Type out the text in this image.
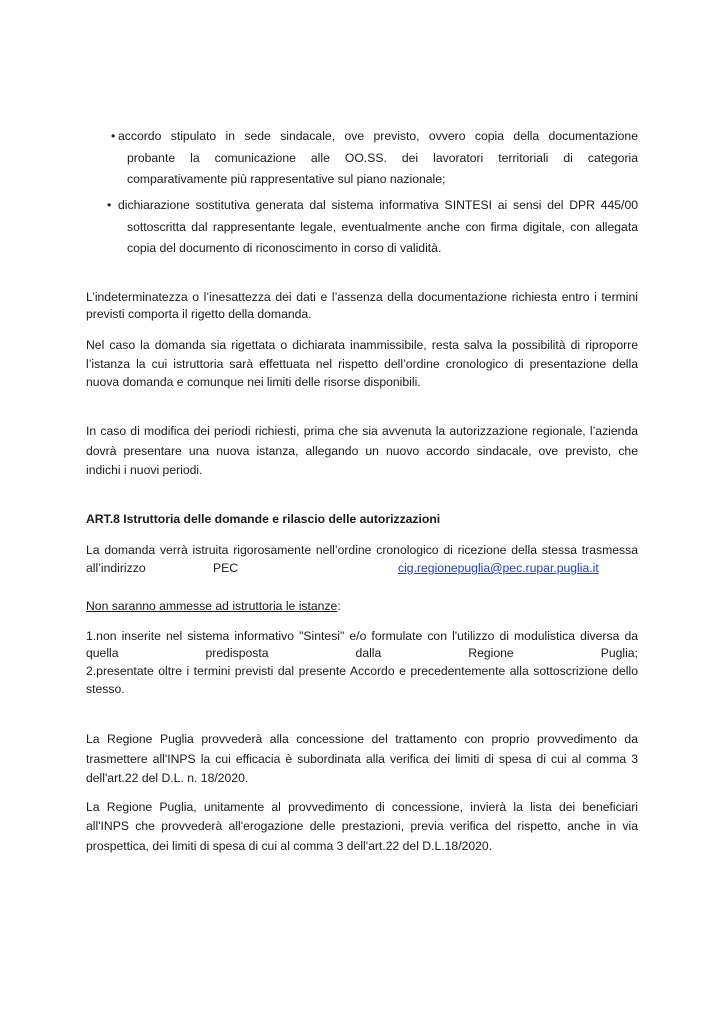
• accordo stipulato in sede sindacale, ove previsto, ovvero copia della documentazione
probante la comunicazione alle OO.SS. dei lavoratori territoriali di categoria
comparativamente più rappresentative sul piano nazionale;
• dichiarazione sostitutiva generata dal sistema informativa SINTESI ai sensi del DPR 445/00
sottoscritta dal rappresentante legale, eventualmente anche con firma digitale, con allegata
copia del documento di riconoscimento in corso di validità.
L’indeterminatezza o l’inesattezza dei dati e l’assenza della documentazione richiesta entro i termini
previsti comporta il rigetto della domanda.
Nel caso la domanda sia rigettata o dichiarata inammissibile, resta salva la possibilità di riproporre
l’istanza la cui istruttoria sarà effettuata nel rispetto dell’ordine cronologico di presentazione della
nuova domanda e comunque nei limiti delle risorse disponibili.
In caso di modifica dei periodi richiesti, prima che sia avvenuta la autorizzazione regionale, l’azienda
dovrà presentare una nuova istanza, allegando un nuovo accordo sindacale, ove previsto, che
indichi i nuovi periodi.
ART.8 Istruttoria delle domande e rilascio delle autorizzazioni
La domanda verrà istruita rigorosamente nell’ordine cronologico di ricezione della stessa trasmessa
all’indirizzo	PEC	cig.regionepuglia@pec.rupar.puglia.it
Non saranno ammesse ad istruttoria le istanze:
1.non inserite nel sistema informativo "Sintesi" e/o formulate con l'utilizzo di modulistica diversa da
quella	predisposta	dalla	Regione	Puglia;
2.presentate oltre i termini previsti dal presente Accordo e precedentemente alla sottoscrizione dello
stesso.
La Regione Puglia provvederà alla concessione del trattamento con proprio provvedimento da
trasmettere all'INPS la cui efficacia è subordinata alla verifica dei limiti di spesa di cui al comma 3
dell'art.22 del D.L. n. 18/2020.
La Regione Puglia, unitamente al provvedimento di concessione, invierà la lista dei beneficiari
all'INPS che provvederà all'erogazione delle prestazioni, previa verifica del rispetto, anche in via
prospettica, dei limiti di spesa di cui al comma 3 dell'art.22 del D.L.18/2020.
